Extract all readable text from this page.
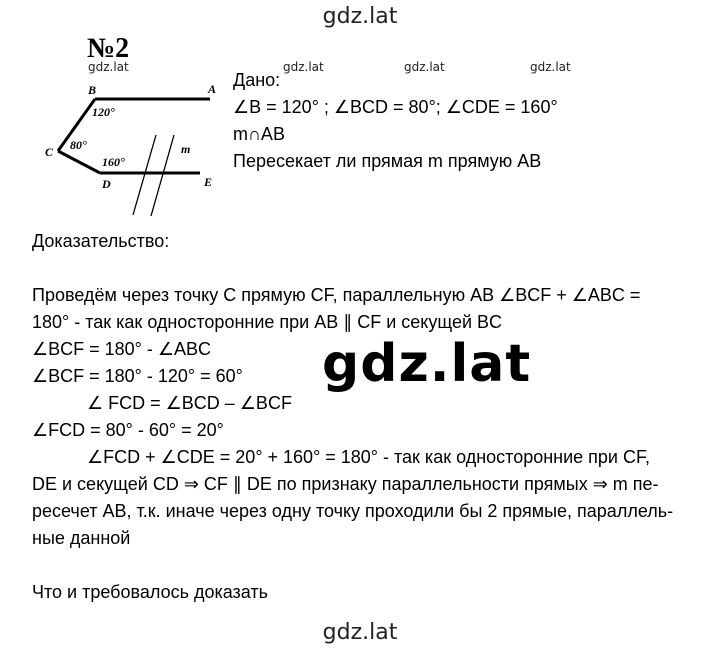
gdz.lat
№2
gdz.lat	gdz.lat	gdz.lat	gdz.lat
B	A
C
D	E
m
120°
80°
160°
Дано:
∠B = 120° ; ∠BCD = 80°; ∠CDE = 160°
m∩AB
Пересекает ли прямая m прямую AB
Доказательство:
Проведём через точку C прямую CF, параллельную AB ∠BCF + ∠ABC =
180° - так как односторонние при AB ∥ CF и секущей BC
∠BCF = 180° - ∠ABC
∠BCF = 180° - 120° = 60°
∠ FCD = ∠BCD – ∠BCF
∠FCD = 80° - 60° = 20°
∠FCD + ∠CDE = 20° + 160° = 180° - так как односторонние при CF,
DE и секущей CD ⇒ CF ∥ DE по признаку параллельности прямых ⇒ m пе-
ресечет AB, т.к. иначе через одну точку проходили бы 2 прямые, параллель-
ные данной
Что и требовалось доказать
gdz.lat
gdz.lat
